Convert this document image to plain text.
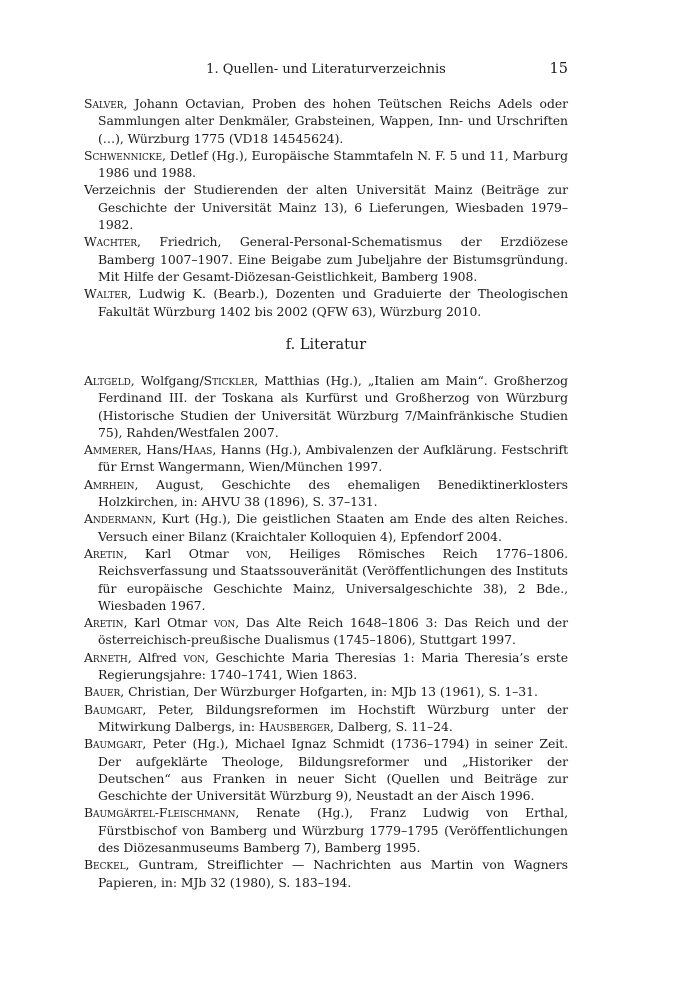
1. Quellen- und Literaturverzeichnis	15

Salver, Johann Octavian, Proben des hohen Teütschen Reichs Adels oder Sammlungen alter Denkmäler, Grabsteinen, Wappen, Inn- und Urschriften (…), Würzburg 1775 (VD18 14545624).

Schwennicke, Detlef (Hg.), Europäische Stammtafeln N. F. 5 und 11, Marburg 1986 und 1988.

Verzeichnis der Studierenden der alten Universität Mainz (Beiträge zur Geschichte der Universität Mainz 13), 6 Lieferungen, Wiesbaden 1979–1982.

Wachter, Friedrich, General-Personal-Schematismus der Erzdiözese Bamberg 1007–1907. Eine Beigabe zum Jubeljahre der Bistumsgründung. Mit Hilfe der Gesamt-Diözesan-Geistlichkeit, Bamberg 1908.

Walter, Ludwig K. (Bearb.), Dozenten und Graduierte der Theologischen Fakultät Würzburg 1402 bis 2002 (QFW 63), Würzburg 2010.

f. Literatur

Altgeld, Wolfgang/Stickler, Matthias (Hg.), „Italien am Main“. Großherzog Ferdinand III. der Toskana als Kurfürst und Großherzog von Würzburg (Historische Studien der Universität Würzburg 7/Mainfränkische Studien 75), Rahden/Westfalen 2007.

Ammerer, Hans/Haas, Hanns (Hg.), Ambivalenzen der Aufklärung. Festschrift für Ernst Wangermann, Wien/München 1997.

Amrhein, August, Geschichte des ehemaligen Benediktinerklosters Holzkirchen, in: AHVU 38 (1896), S. 37–131.

Andermann, Kurt (Hg.), Die geistlichen Staaten am Ende des alten Reiches. Versuch einer Bilanz (Kraichtaler Kolloquien 4), Epfendorf 2004.

Aretin, Karl Otmar von, Heiliges Römisches Reich 1776–1806. Reichsverfassung und Staatssouveränität (Veröffentlichungen des Instituts für europäische Geschichte Mainz, Universalgeschichte 38), 2 Bde., Wiesbaden 1967.

Aretin, Karl Otmar von, Das Alte Reich 1648–1806 3: Das Reich und der österreichisch-preußische Dualismus (1745–1806), Stuttgart 1997.

Arneth, Alfred von, Geschichte Maria Theresias 1: Maria Theresia’s erste Regierungsjahre: 1740–1741, Wien 1863.

Bauer, Christian, Der Würzburger Hofgarten, in: MJb 13 (1961), S. 1–31.

Baumgart, Peter, Bildungsreformen im Hochstift Würzburg unter der Mitwirkung Dalbergs, in: Hausberger, Dalberg, S. 11–24.

Baumgart, Peter (Hg.), Michael Ignaz Schmidt (1736–1794) in seiner Zeit. Der aufgeklärte Theologe, Bildungsreformer und „Historiker der Deutschen“ aus Franken in neuer Sicht (Quellen und Beiträge zur Geschichte der Universität Würzburg 9), Neustadt an der Aisch 1996.

Baumgärtel-Fleischmann, Renate (Hg.), Franz Ludwig von Erthal, Fürstbischof von Bamberg und Würzburg 1779–1795 (Veröffentlichungen des Diözesanmuseums Bamberg 7), Bamberg 1995.

Beckel, Guntram, Streiflichter — Nachrichten aus Martin von Wagners Papieren, in: MJb 32 (1980), S. 183–194.
